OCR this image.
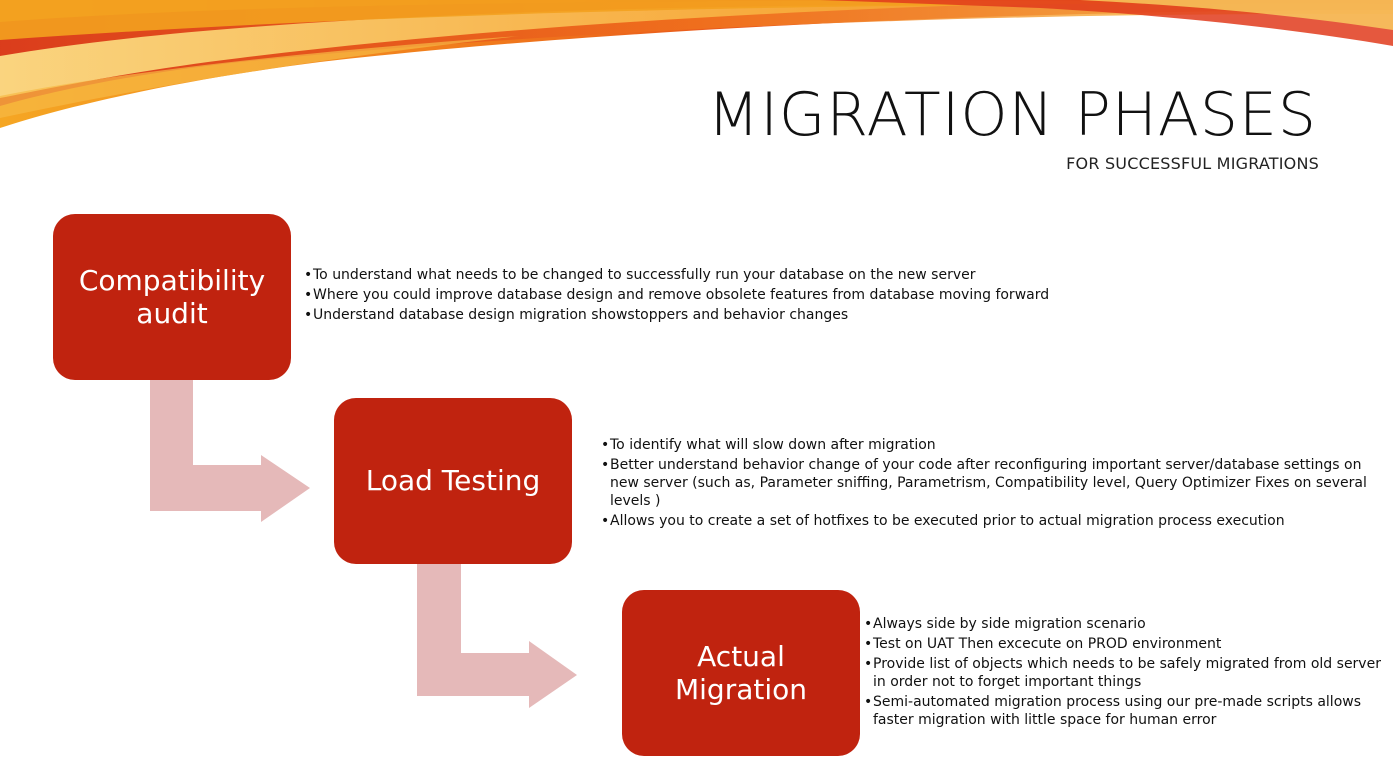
MIGRATION PHASES

FOR SUCCESSFUL MIGRATIONS

Compatibility audit
Load Testing
Actual Migration
• To understand what needs to be changed to successfully run your database on the new server
• Where you could improve database design and remove obsolete features from database moving forward
• Understand database design migration showstoppers and behavior changes
• To identify what will slow down after migration
• Better understand behavior change of your code after reconfiguring important server/database settings on new server (such as, Parameter sniffing, Parametrism, Compatibility level, Query Optimizer Fixes on several levels )
• Allows you to create a set of hotfixes to be executed prior to actual migration process execution
• Always side by side migration scenario
• Test on UAT Then excecute on PROD environment
• Provide list of objects which needs to be safely migrated from old server in order not to forget important things
• Semi-automated migration process using our pre-made scripts allows faster migration with little space for human error
